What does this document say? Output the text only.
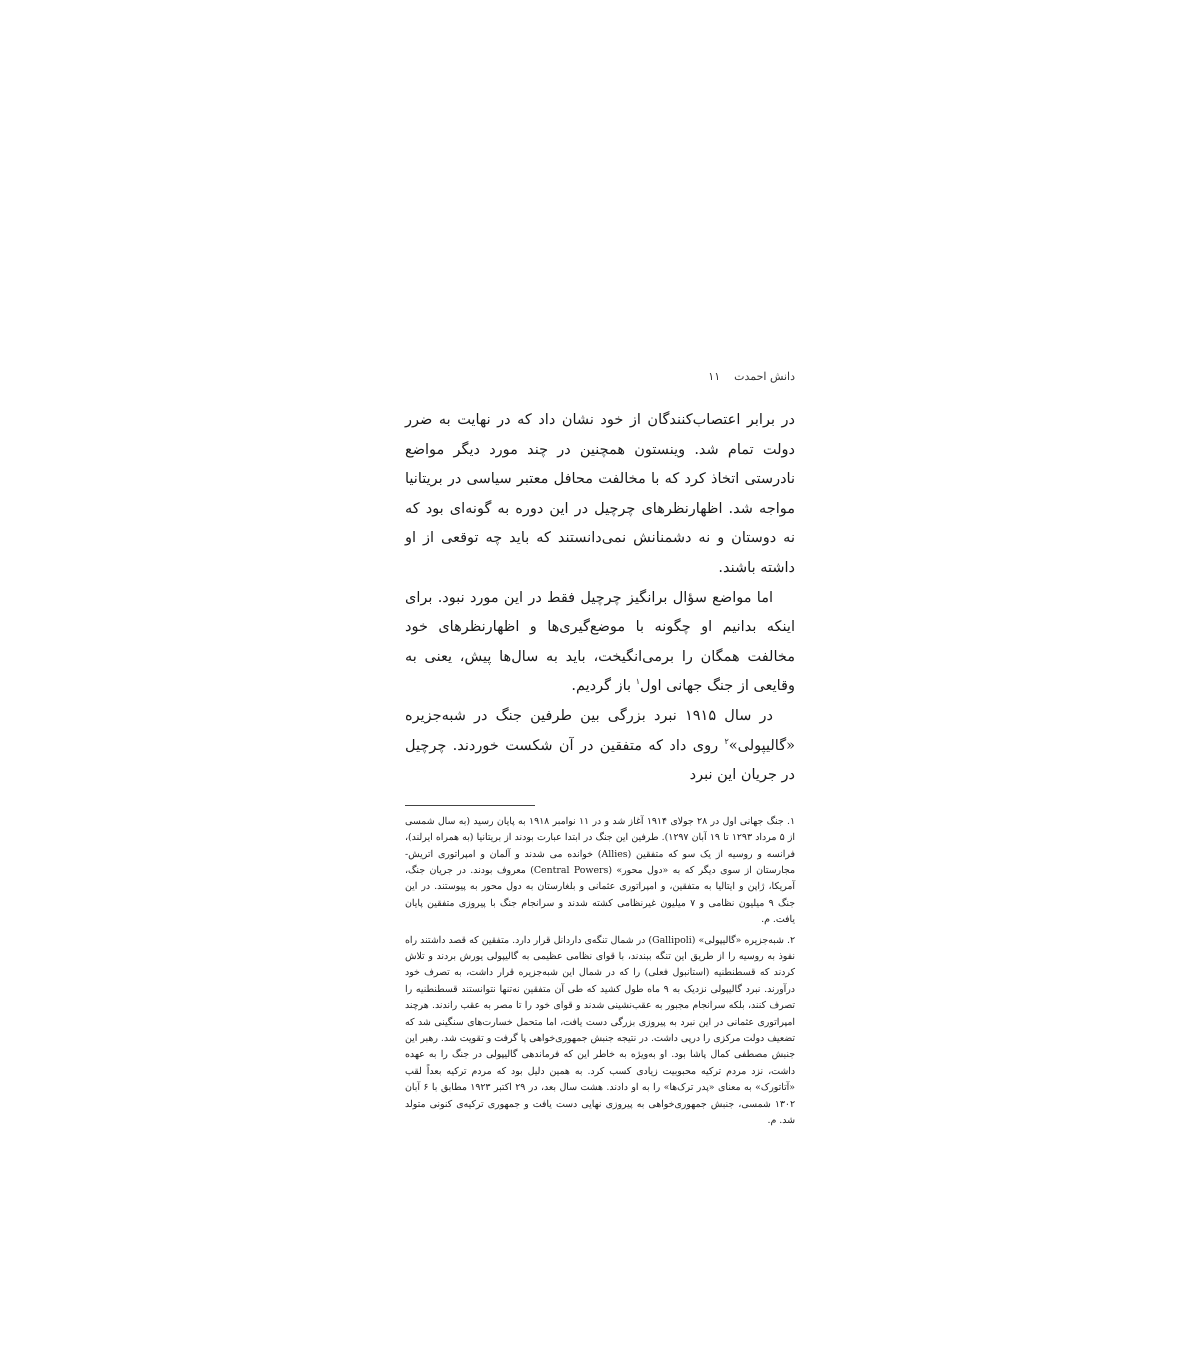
دانش احمدت
۱۱

در برابر اعتصاب‌کنندگان از خود نشان داد که در نهایت به ضرر دولت تمام شد. وینستون همچنین در چند مورد دیگر مواضع نادرستی اتخاذ کرد که با مخالفت محافل معتبر سیاسی در بریتانیا مواجه شد. اظهارنظرهای چرچیل در این دوره به گونه‌ای بود که نه دوستان و نه دشمنانش نمی‌دانستند که باید چه توقعی از او داشته باشند.

اما مواضع سؤال برانگیز چرچیل فقط در این مورد نبود. برای اینکه بدانیم او چگونه با موضع‌گیری‌ها و اظهارنظرهای خود مخالفت همگان را برمی‌انگیخت، باید به سال‌ها پیش، یعنی به وقایعی از جنگ جهانی اول$^۱$ باز گردیم.

در سال ۱۹۱۵ نبرد بزرگی بین طرفین جنگ در شبه‌جزیره «گالیپولی»$^۲$ روی داد که متفقین در آن شکست خوردند. چرچیل در جریان این نبرد

۱. جنگ جهانی اول در ۲۸ جولای ۱۹۱۴ آغاز شد و در ۱۱ نوامبر ۱۹۱۸ به پایان رسید (به سال شمسی از ۵ مرداد ۱۲۹۳ تا ۱۹ آبان ۱۲۹۷). طرفین این جنگ در ابتدا عبارت بودند از بریتانیا (به همراه ایرلند)، فرانسه و روسیه از یک سو که متفقین (Allies) خوانده می شدند و آلمان و امپراتوری اتریش-مجارستان از سوی دیگر که به «دول محور» (Central Powers) معروف بودند. در جریان جنگ، آمریکا، ژاپن و ایتالیا به متفقین، و امپراتوری عثمانی و بلغارستان به دول محور به پیوستند. در این جنگ ۹ میلیون نظامی و ۷ میلیون غیرنظامی کشته شدند و سرانجام جنگ با پیروزی متفقین پایان یافت. م.

۲. شبه‌جزیره «گالیپولی» (Gallipoli) در شمال تنگه‌ی داردانل قرار دارد. متفقین که قصد داشتند راه نفوذ به روسیه را از طریق این تنگه ببندند، با قوای نظامی عظیمی به گالیپولی یورش بردند و تلاش کردند که قسطنطنیه (استانبول فعلی) را که در شمال این شبه‌جزیره قرار داشت، به تصرف خود درآورند. نبرد گالیپولی نزدیک به ۹ ماه طول کشید که طی آن متفقین نه‌تنها نتوانستند قسطنطنیه را تصرف کنند، بلکه سرانجام مجبور به عقب‌نشینی شدند و قوای خود را تا مصر به عقب راندند. هرچند امپراتوری عثمانی در این نبرد به پیروزی بزرگی دست یافت، اما متحمل خسارت‌های سنگینی شد که تضعیف دولت مرکزی را درپی داشت. در نتیجه جنبش جمهوری‌خواهی پا گرفت و تقویت شد. رهبر این جنبش مصطفی کمال پاشا بود. او به‌ویژه به خاطر این که فرماندهی گالیپولی در جنگ را به عهده داشت، نزد مردم ترکیه محبوبیت زیادی کسب کرد. به همین دلیل بود که مردم ترکیه بعداً لقب «آتاتورک» به معنای «پدر ترک‌ها» را به او دادند. هشت سال بعد، در ۲۹ اکتبر ۱۹۲۳ مطابق با ۶ آبان ۱۳۰۲ شمسی، جنبش جمهوری‌خواهی به پیروزی نهایی دست یافت و جمهوری ترکیه‌ی کنونی متولد شد. م.
